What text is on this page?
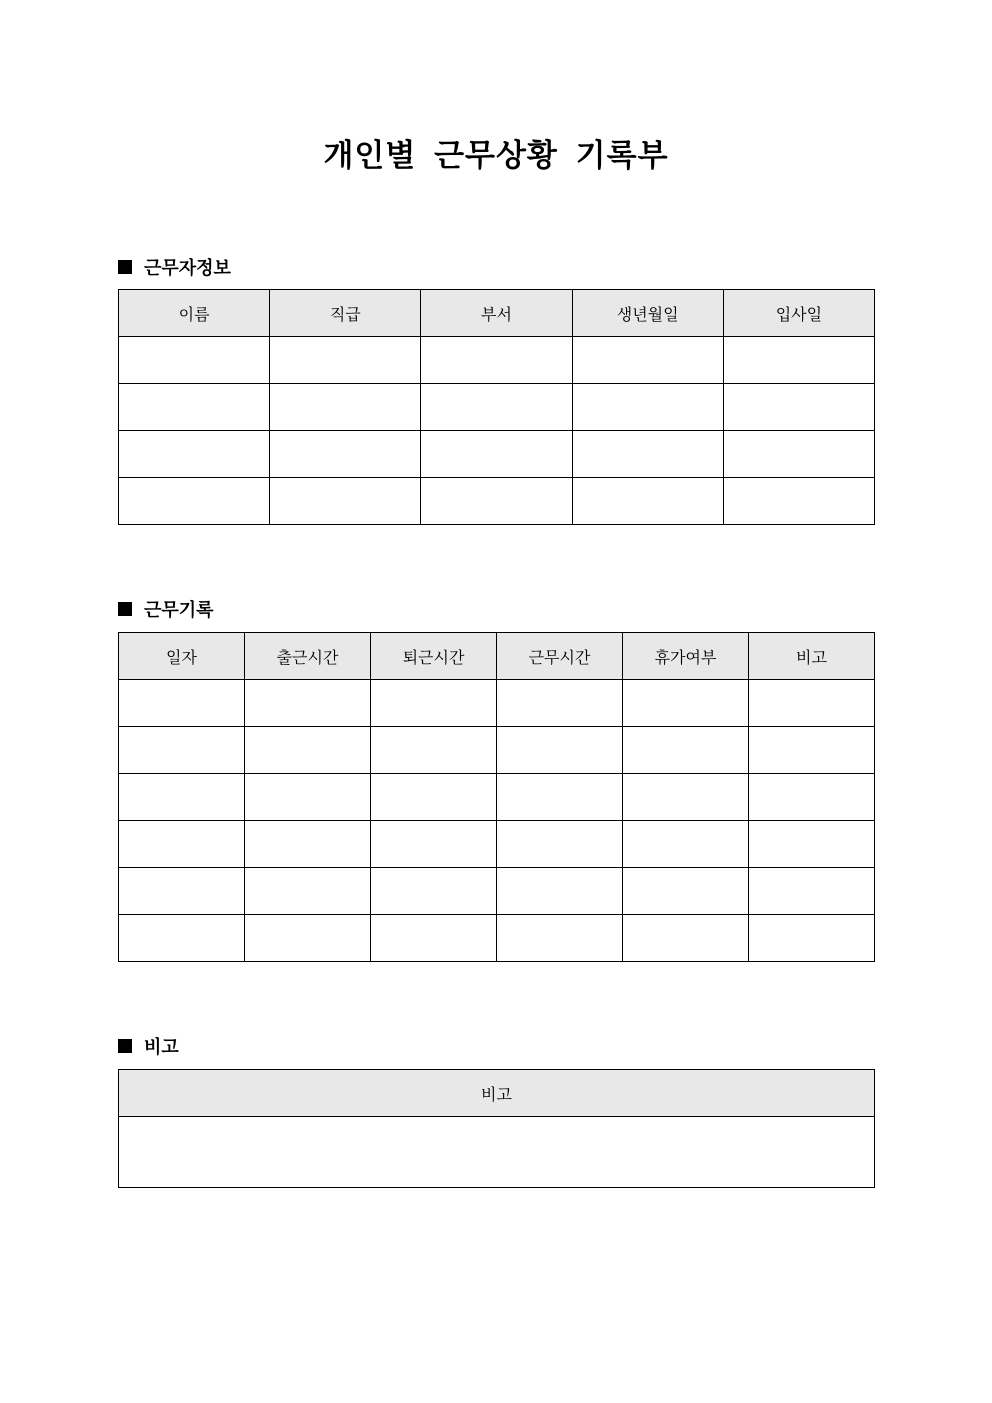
개인별 근무상황 기록부
근무자정보
이름	직급	부서	생년월일	입사일

근무기록
일자	출근시간	퇴근시간	근무시간	휴가여부	비고

비고
비고
